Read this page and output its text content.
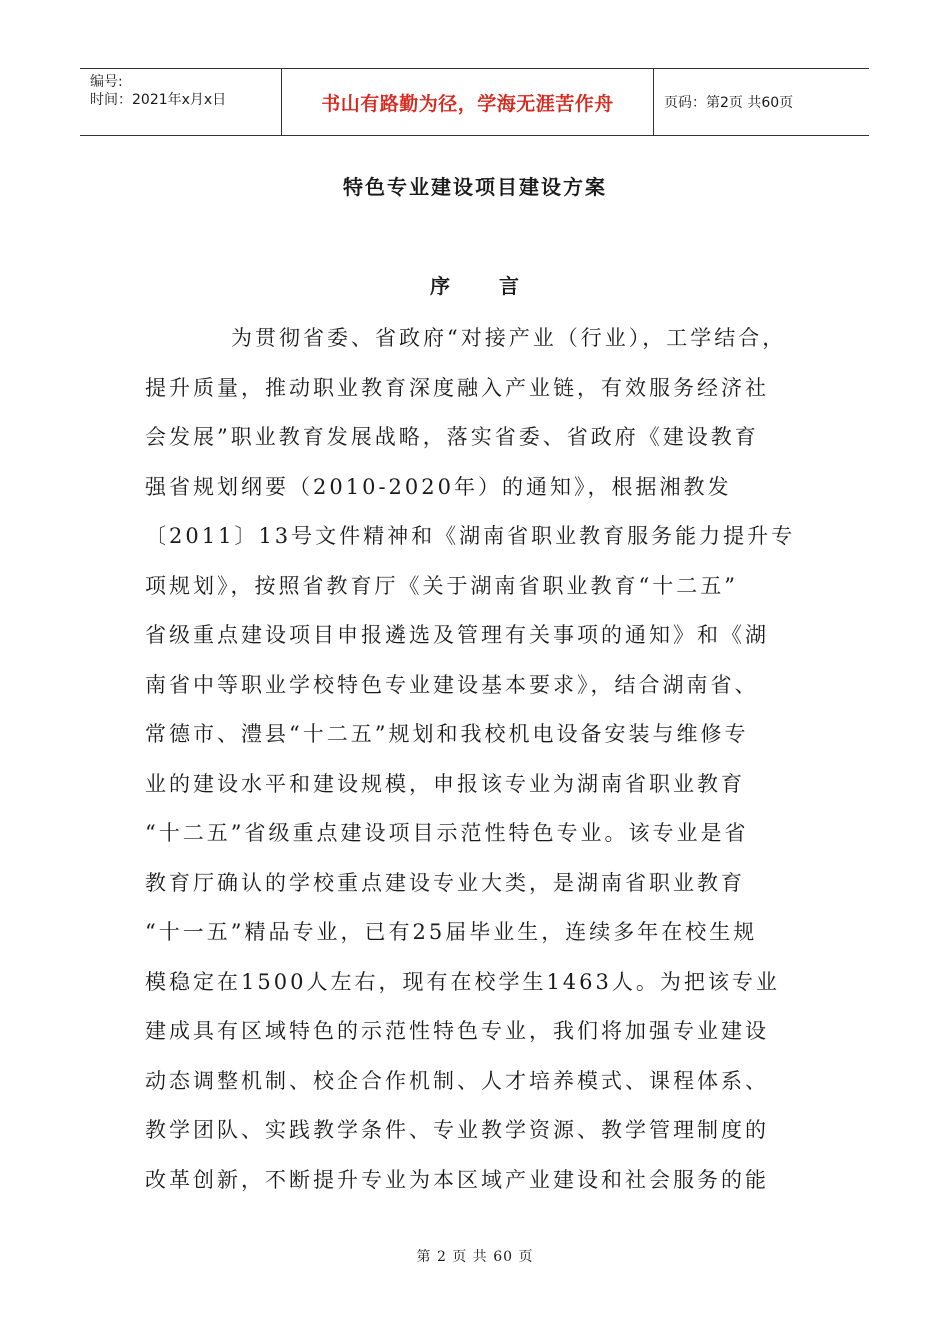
编号:
时间：2021年x月x日	书山有路勤为径，学海无涯苦作舟	页码：第2页 共60页
特色专业建设项目建设方案
序 言
为贯彻省委、省政府“对接产业（行业），工学结合，
提升质量，推动职业教育深度融入产业链，有效服务经济社
会发展”职业教育发展战略，落实省委、省政府《建设教育
强省规划纲要（2010-2020年）的通知》，根据湘教发
〔2011〕13号文件精神和《湖南省职业教育服务能力提升专
项规划》，按照省教育厅《关于湖南省职业教育“十二五”
省级重点建设项目申报遴选及管理有关事项的通知》和《湖
南省中等职业学校特色专业建设基本要求》，结合湖南省、
常德市、澧县“十二五”规划和我校机电设备安装与维修专
业的建设水平和建设规模，申报该专业为湖南省职业教育
“十二五”省级重点建设项目示范性特色专业。该专业是省
教育厅确认的学校重点建设专业大类，是湖南省职业教育
“十一五”精品专业，已有25届毕业生，连续多年在校生规
模稳定在1500人左右，现有在校学生1463人。为把该专业
建成具有区域特色的示范性特色专业，我们将加强专业建设
动态调整机制、校企合作机制、人才培养模式、课程体系、
教学团队、实践教学条件、专业教学资源、教学管理制度的
改革创新，不断提升专业为本区域产业建设和社会服务的能
第 2 页 共 60 页
